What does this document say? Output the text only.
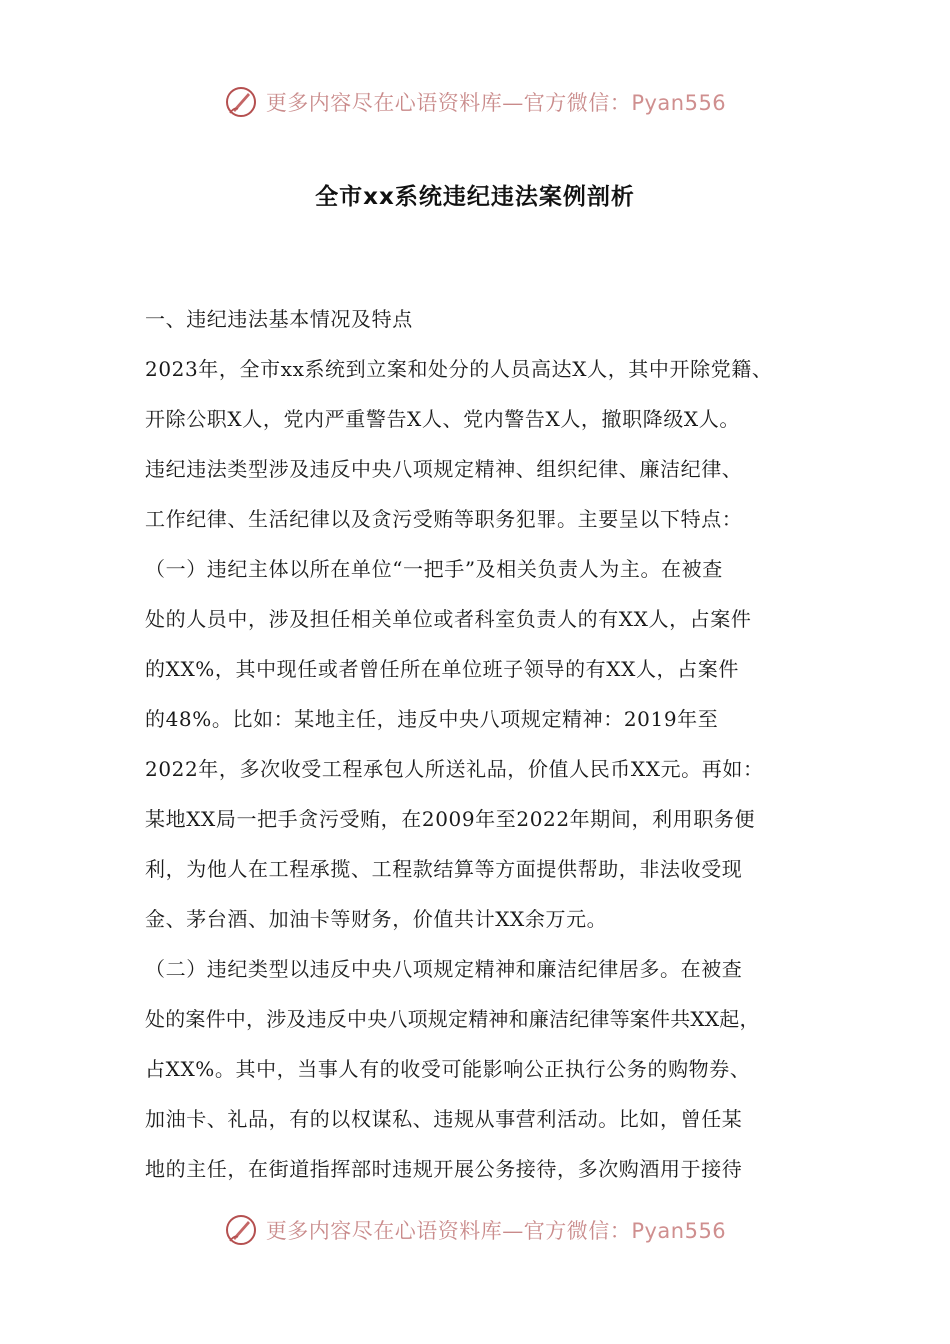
更多内容尽在心语资料库—官方微信：Pyan556
全市xx系统违纪违法案例剖析
一、违纪违法基本情况及特点
2023年，全市xx系统到立案和处分的人员高达X人，其中开除党籍、
开除公职X人，党内严重警告X人、党内警告X人，撤职降级X人。
违纪违法类型涉及违反中央八项规定精神、组织纪律、廉洁纪律、
工作纪律、生活纪律以及贪污受贿等职务犯罪。主要呈以下特点：
（一）违纪主体以所在单位“一把手”及相关负责人为主。在被查
处的人员中，涉及担任相关单位或者科室负责人的有XX人，占案件
的XX%，其中现任或者曾任所在单位班子领导的有XX人，占案件
的48%。比如：某地主任，违反中央八项规定精神：2019年至
2022年，多次收受工程承包人所送礼品，价值人民币XX元。再如：
某地XX局一把手贪污受贿，在2009年至2022年期间，利用职务便
利，为他人在工程承揽、工程款结算等方面提供帮助，非法收受现
金、茅台酒、加油卡等财务，价值共计XX余万元。
（二）违纪类型以违反中央八项规定精神和廉洁纪律居多。在被查
处的案件中，涉及违反中央八项规定精神和廉洁纪律等案件共XX起，
占XX%。其中，当事人有的收受可能影响公正执行公务的购物券、
加油卡、礼品，有的以权谋私、违规从事营利活动。比如，曾任某
地的主任，在街道指挥部时违规开展公务接待，多次购酒用于接待
更多内容尽在心语资料库—官方微信：Pyan556
